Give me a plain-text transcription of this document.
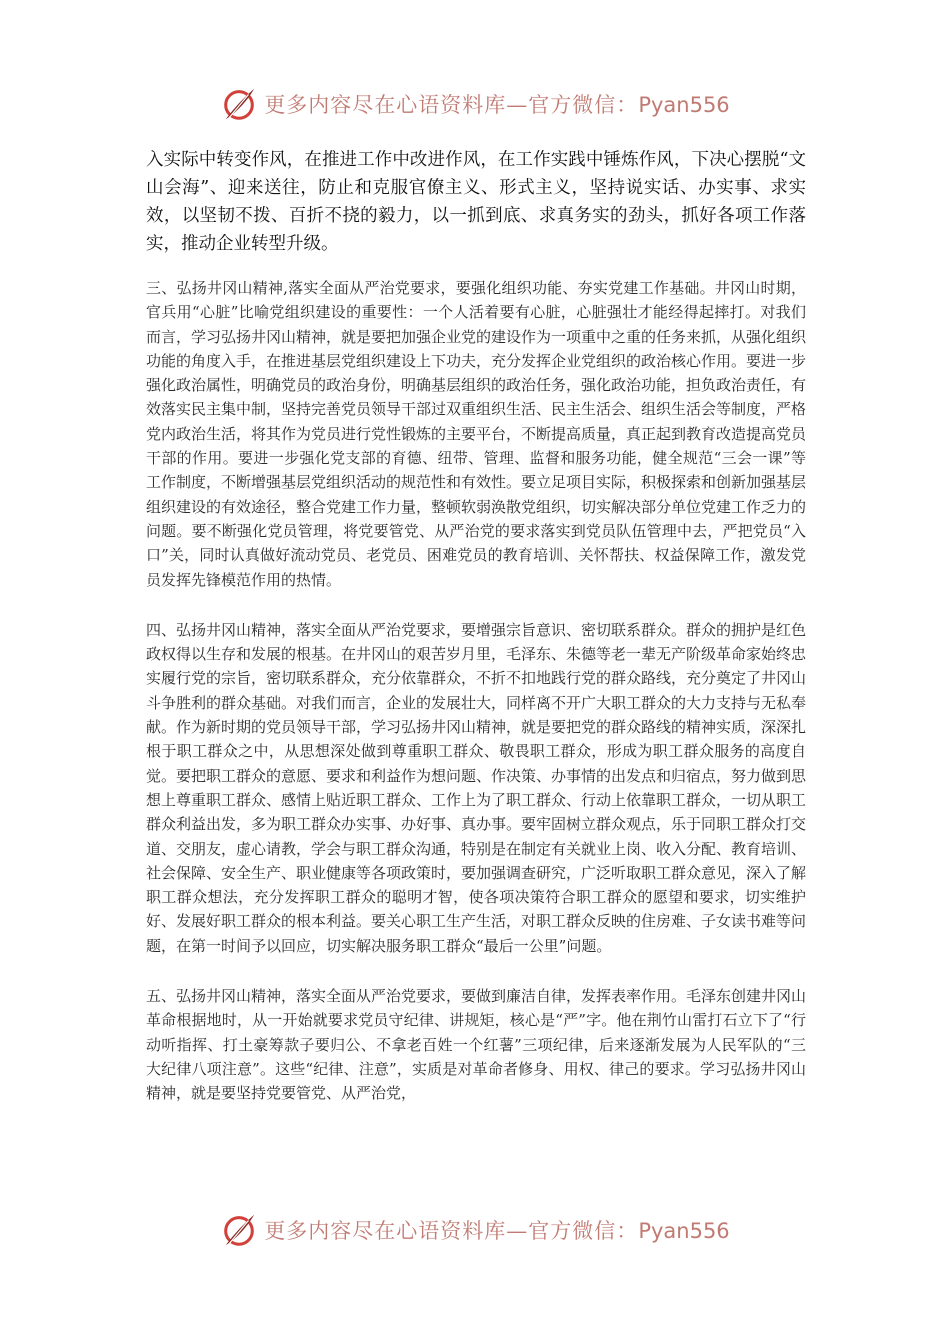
更多内容尽在心语资料库—官方微信：Pyan556

入实际中转变作风，在推进工作中改进作风，在工作实践中锤炼作风，下决心摆脱“文山会海”、迎来送往，防止和克服官僚主义、形式主义，坚持说实话、办实事、求实效，以坚韧不拨、百折不挠的毅力，以一抓到底、求真务实的劲头，抓好各项工作落实，推动企业转型升级。

三、弘扬井冈山精神,落实全面从严治党要求，要强化组织功能、夯实党建工作基础。井冈山时期，官兵用“心脏”比喻党组织建设的重要性：一个人活着要有心脏，心脏强壮才能经得起摔打。对我们而言，学习弘扬井冈山精神，就是要把加强企业党的建设作为一项重中之重的任务来抓，从强化组织功能的角度入手，在推进基层党组织建设上下功夫，充分发挥企业党组织的政治核心作用。要进一步强化政治属性，明确党员的政治身份，明确基层组织的政治任务，强化政治功能，担负政治责任，有效落实民主集中制，坚持完善党员领导干部过双重组织生活、民主生活会、组织生活会等制度，严格党内政治生活，将其作为党员进行党性锻炼的主要平台，不断提高质量，真正起到教育改造提高党员干部的作用。要进一步强化党支部的育德、纽带、管理、监督和服务功能，健全规范“三会一课”等工作制度，不断增强基层党组织活动的规范性和有效性。要立足项目实际，积极探索和创新加强基层组织建设的有效途径，整合党建工作力量，整顿软弱涣散党组织，切实解决部分单位党建工作乏力的问题。要不断强化党员管理，将党要管党、从严治党的要求落实到党员队伍管理中去，严把党员“入口”关，同时认真做好流动党员、老党员、困难党员的教育培训、关怀帮扶、权益保障工作，激发党员发挥先锋模范作用的热情。

四、弘扬井冈山精神，落实全面从严治党要求，要增强宗旨意识、密切联系群众。群众的拥护是红色政权得以生存和发展的根基。在井冈山的艰苦岁月里，毛泽东、朱德等老一辈无产阶级革命家始终忠实履行党的宗旨，密切联系群众，充分依靠群众，不折不扣地践行党的群众路线，充分奠定了井冈山斗争胜利的群众基础。对我们而言，企业的发展壮大，同样离不开广大职工群众的大力支持与无私奉献。作为新时期的党员领导干部，学习弘扬井冈山精神，就是要把党的群众路线的精神实质，深深扎根于职工群众之中，从思想深处做到尊重职工群众、敬畏职工群众，形成为职工群众服务的高度自觉。要把职工群众的意愿、要求和利益作为想问题、作决策、办事情的出发点和归宿点，努力做到思想上尊重职工群众、感情上贴近职工群众、工作上为了职工群众、行动上依靠职工群众，一切从职工群众利益出发，多为职工群众办实事、办好事、真办事。要牢固树立群众观点，乐于同职工群众打交道、交朋友，虚心请教，学会与职工群众沟通，特别是在制定有关就业上岗、收入分配、教育培训、社会保障、安全生产、职业健康等各项政策时，要加强调查研究，广泛听取职工群众意见，深入了解职工群众想法，充分发挥职工群众的聪明才智，使各项决策符合职工群众的愿望和要求，切实维护好、发展好职工群众的根本利益。要关心职工生产生活，对职工群众反映的住房难、子女读书难等问题，在第一时间予以回应，切实解决服务职工群众“最后一公里”问题。

五、弘扬井冈山精神，落实全面从严治党要求，要做到廉洁自律，发挥表率作用。毛泽东创建井冈山革命根据地时，从一开始就要求党员守纪律、讲规矩，核心是“严”字。他在荆竹山雷打石立下了“行动听指挥、打土豪筹款子要归公、不拿老百姓一个红薯”三项纪律，后来逐渐发展为人民军队的“三大纪律八项注意”。这些“纪律、注意”，实质是对革命者修身、用权、律己的要求。学习弘扬井冈山精神，就是要坚持党要管党、从严治党，

更多内容尽在心语资料库—官方微信：Pyan556
